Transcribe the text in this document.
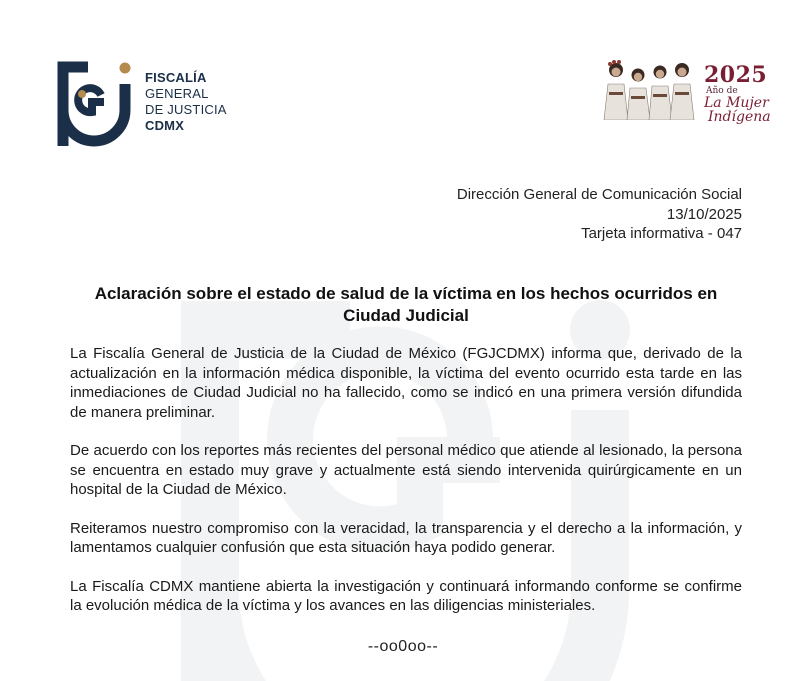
FISCALÍA
GENERAL
DE JUSTICIA
CDMX
2025
Año de
La Mujer
Indígena
Dirección General de Comunicación Social
13/10/2025
Tarjeta informativa - 047
Aclaración sobre el estado de salud de la víctima en los hechos ocurridos en Ciudad Judicial

La Fiscalía General de Justicia de la Ciudad de México (FGJCDMX) informa que, derivado de la actualización en la información médica disponible, la víctima del evento ocurrido esta tarde en las inmediaciones de Ciudad Judicial no ha fallecido, como se indicó en una primera versión difundida de manera preliminar.

De acuerdo con los reportes más recientes del personal médico que atiende al lesionado, la persona se encuentra en estado muy grave y actualmente está siendo intervenida quirúrgicamente en un hospital de la Ciudad de México.

Reiteramos nuestro compromiso con la veracidad, la transparencia y el derecho a la información, y lamentamos cualquier confusión que esta situación haya podido generar.

La Fiscalía CDMX mantiene abierta la investigación y continuará informando conforme se confirme la evolución médica de la víctima y los avances en las diligencias ministeriales.

--oo0oo--
